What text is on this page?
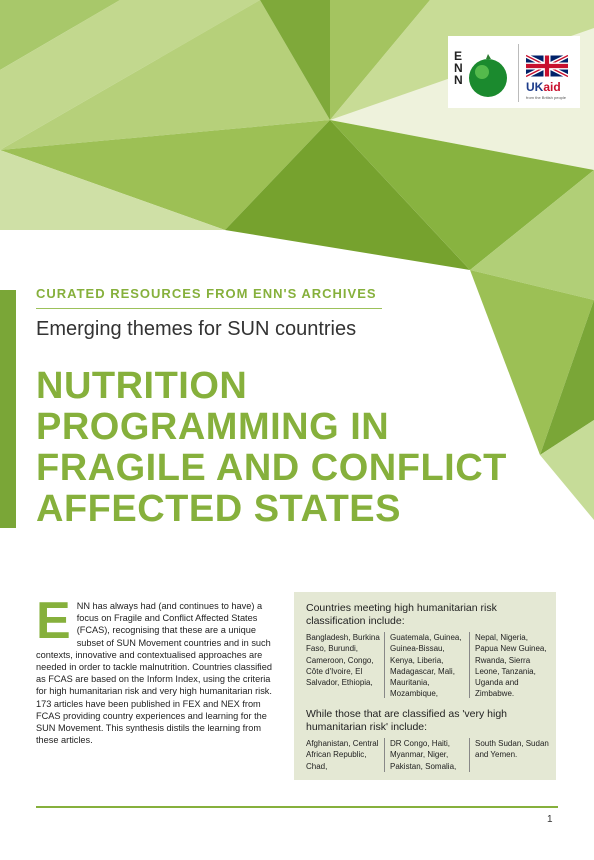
E
N
N	UKaid
from the British people
CURATED RESOURCES FROM ENN'S ARCHIVES
Emerging themes for SUN countries
NUTRITION
PROGRAMMING IN
FRAGILE AND CONFLICT
AFFECTED STATES
ENN has always had (and continues to have) a focus on Fragile and Conflict Affected States (FCAS), recognising that these are a unique subset of SUN Movement countries and in such contexts, innovative and contextualised approaches are needed in order to tackle malnutrition. Countries classified as FCAS are based on the Inform Index, using the criteria for high humanitarian risk and very high humanitarian risk. 173 articles have been published in FEX and NEX from FCAS providing country experiences and learning for the SUN Movement. This synthesis distils the learning from these articles.
Countries meeting high humanitarian risk classification include:
Bangladesh, Burkina Faso, Burundi, Cameroon, Congo, Côte d'Ivoire, El Salvador, Ethiopia,
Guatemala, Guinea, Guinea-Bissau, Kenya, Liberia, Madagascar, Mali, Mauritania, Mozambique,
Nepal, Nigeria, Papua New Guinea, Rwanda, Sierra Leone, Tanzania, Uganda and Zimbabwe.
While those that are classified as 'very high humanitarian risk' include:
Afghanistan, Central African Republic, Chad,
DR Congo, Haiti, Myanmar, Niger, Pakistan, Somalia,
South Sudan, Sudan and Yemen.
1
